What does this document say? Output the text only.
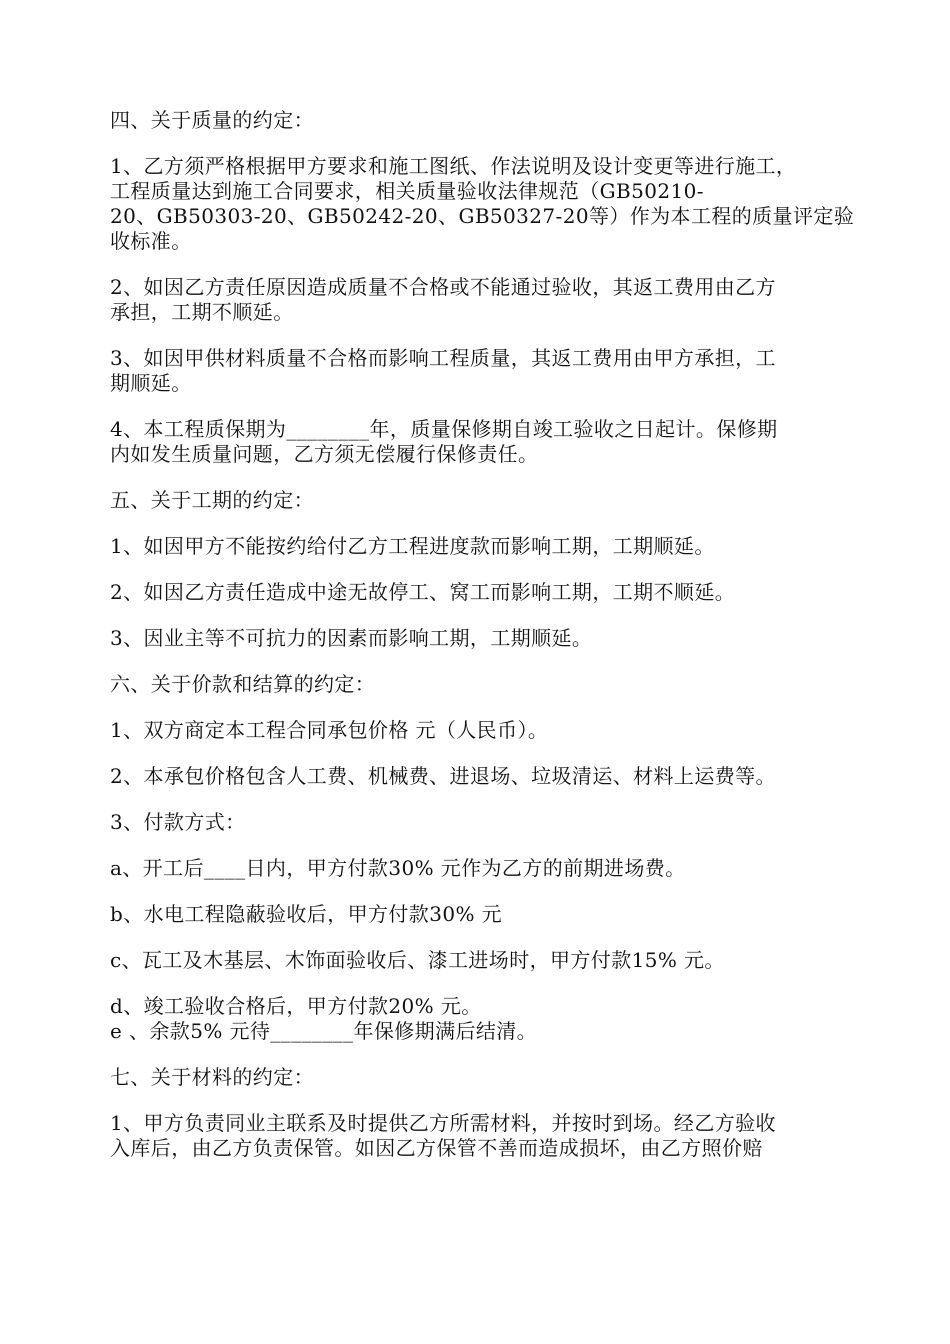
四、关于质量的约定：

1、乙方须严格根据甲方要求和施工图纸、作法说明及设计变更等进行施工，
工程质量达到施工合同要求，相关质量验收法律规范（GB50210-
20、GB50303-20、GB50242-20、GB50327-20等）作为本工程的质量评定验
收标准。

2、如因乙方责任原因造成质量不合格或不能通过验收，其返工费用由乙方
承担，工期不顺延。

3、如因甲供材料质量不合格而影响工程质量，其返工费用由甲方承担，工
期顺延。

4、本工程质保期为________年，质量保修期自竣工验收之日起计。保修期
内如发生质量问题，乙方须无偿履行保修责任。

五、关于工期的约定：

1、如因甲方不能按约给付乙方工程进度款而影响工期，工期顺延。

2、如因乙方责任造成中途无故停工、窝工而影响工期，工期不顺延。

3、因业主等不可抗力的因素而影响工期，工期顺延。

六、关于价款和结算的约定：

1、双方商定本工程合同承包价格 元（人民币）。

2、本承包价格包含人工费、机械费、进退场、垃圾清运、材料上运费等。

3、付款方式：

a、开工后____日内，甲方付款30% 元作为乙方的前期进场费。

b、水电工程隐蔽验收后，甲方付款30% 元

c、瓦工及木基层、木饰面验收后、漆工进场时，甲方付款15% 元。

d、竣工验收合格后，甲方付款20% 元。
e 、余款5% 元待________年保修期满后结清。

七、关于材料的约定：

1、甲方负责同业主联系及时提供乙方所需材料，并按时到场。经乙方验收
入库后，由乙方负责保管。如因乙方保管不善而造成损坏，由乙方照价赔
